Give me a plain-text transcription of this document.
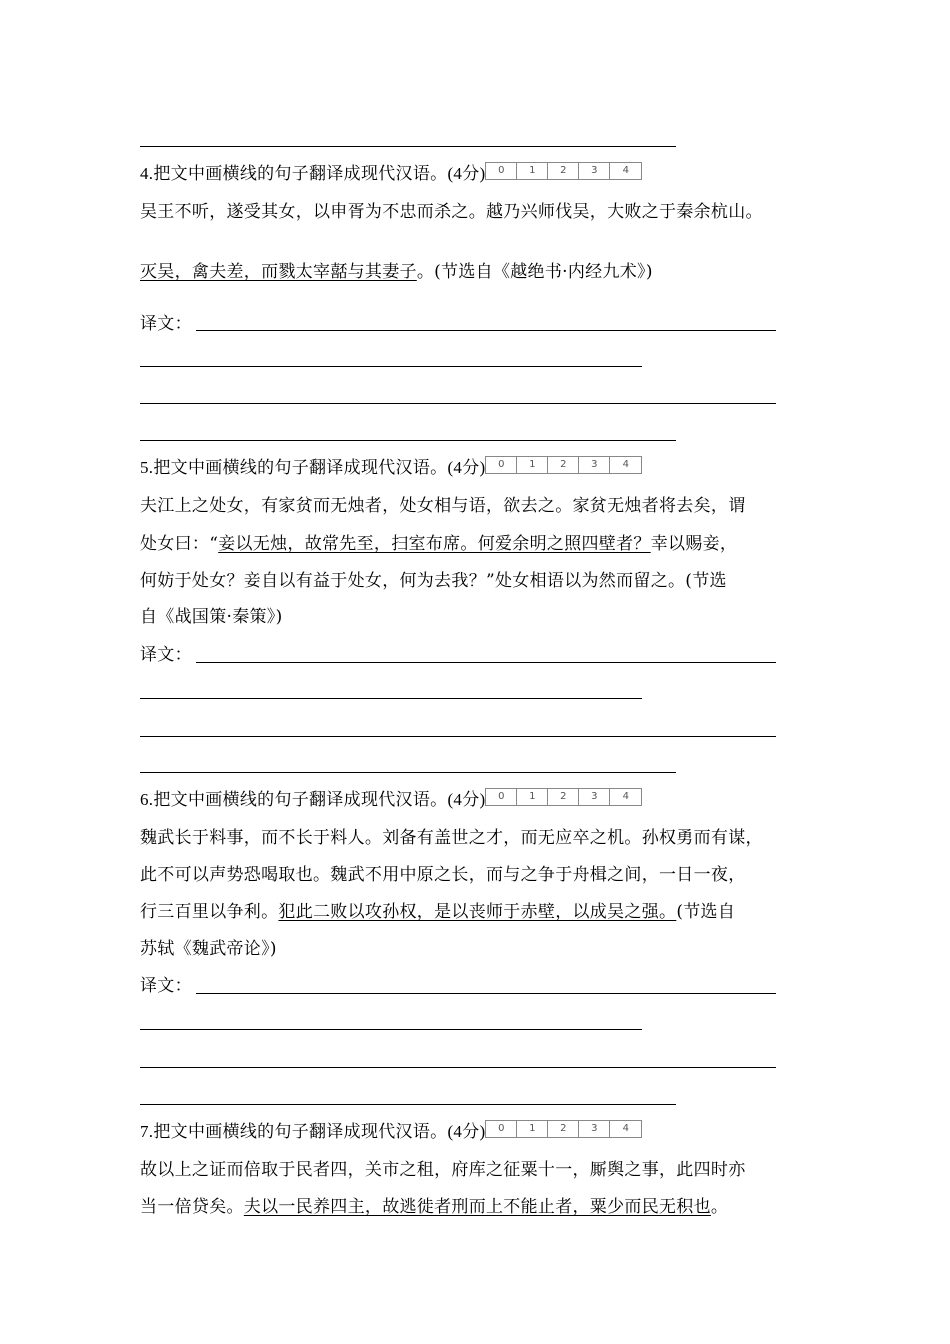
4.把文中画横线的句子翻译成现代汉语。(4分) 0 1 2 3 4
吴王不听，遂受其女，以申胥为不忠而杀之。越乃兴师伐吴，大败之于秦余杭山。
灭吴，禽夫差，而戮太宰嚭与其妻子。(节选自《越绝书·内经九术》)
译文：
5.把文中画横线的句子翻译成现代汉语。(4分) 0 1 2 3 4
夫江上之处女，有家贫而无烛者，处女相与语，欲去之。家贫无烛者将去矣，谓
处女曰：“妾以无烛，故常先至，扫室布席。何爱余明之照四壁者？幸以赐妾，
何妨于处女？妾自以有益于处女，何为去我？”处女相语以为然而留之。(节选
自《战国策·秦策》)
译文：
6.把文中画横线的句子翻译成现代汉语。(4分) 0 1 2 3 4
魏武长于料事，而不长于料人。刘备有盖世之才，而无应卒之机。孙权勇而有谋，
此不可以声势恐喝取也。魏武不用中原之长，而与之争于舟楫之间，一日一夜，
行三百里以争利。犯此二败以攻孙权，是以丧师于赤壁，以成吴之强。(节选自
苏轼《魏武帝论》)
译文：
7.把文中画横线的句子翻译成现代汉语。(4分) 0 1 2 3 4
故以上之证而倍取于民者四，关市之租，府库之征粟十一，厮舆之事，此四时亦
当一倍贷矣。夫以一民养四主，故逃徙者刑而上不能止者，粟少而民无积也。
